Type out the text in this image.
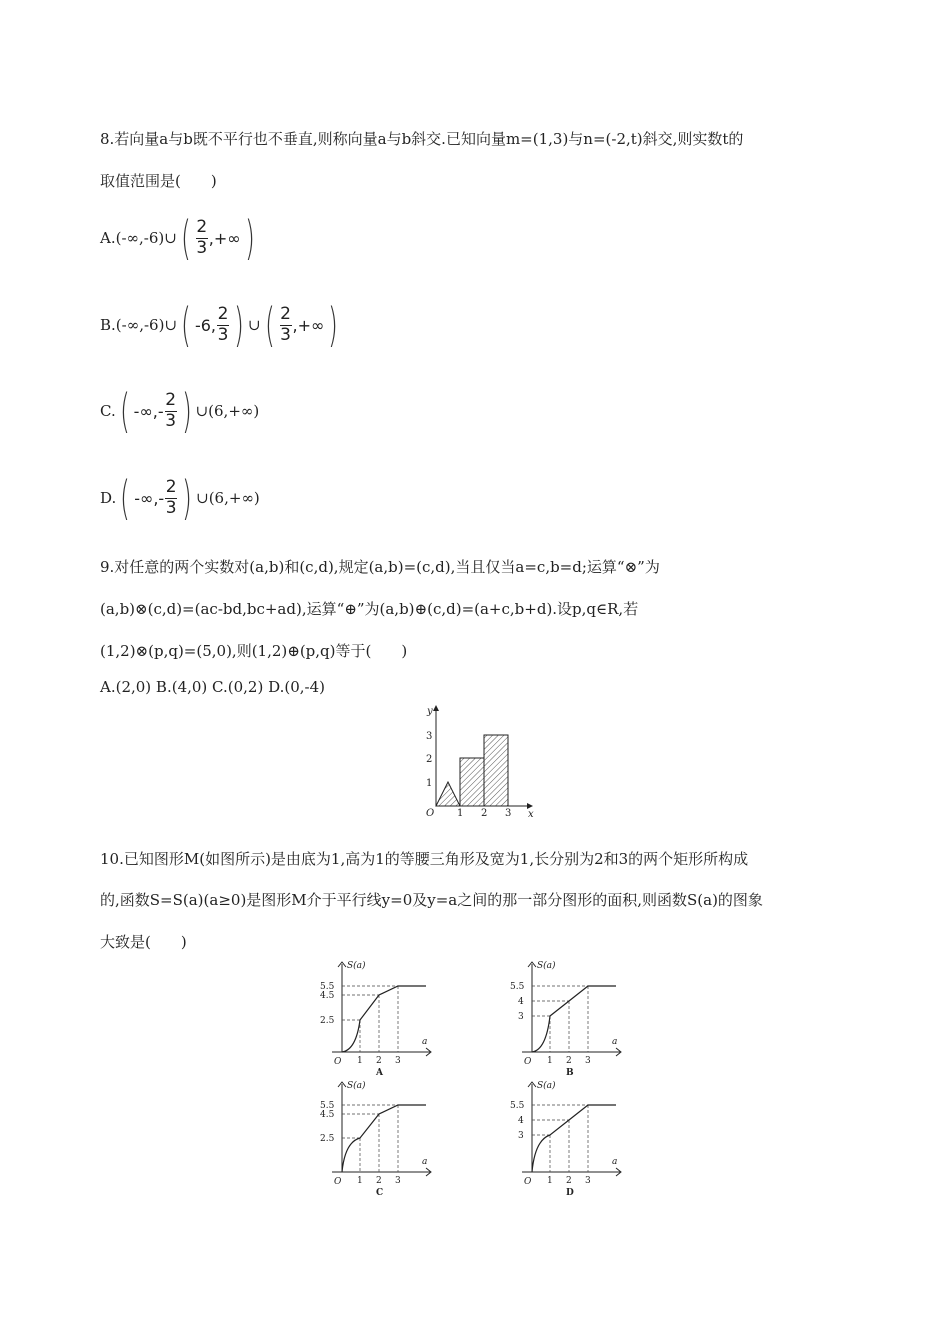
8.若向量a与b既不平行也不垂直,则称向量a与b斜交.已知向量m=(1,3)与n=(-2,t)斜交,则实数t的
取值范围是(　　)
A. (-∞,-6)∪ ( $\frac{2}{3}$ ,+∞ )
B. (-∞,-6)∪ ( -6, $\frac{2}{3}$ ) ∪ ( $\frac{2}{3}$ ,+∞ )
C. ( -∞,- $\frac{2}{3}$ ) ∪(6,+∞)
D. ( -∞,- $\frac{2}{3}$ ) ∪(6,+∞)
9.对任意的两个实数对(a,b)和(c,d),规定(a,b)=(c,d),当且仅当a=c,b=d;运算“⊗”为
(a,b)⊗(c,d)=(ac-bd,bc+ad),运算“⊕”为(a,b)⊕(c,d)=(a+c,b+d).设p,q∈R,若
(1,2)⊗(p,q)=(5,0),则(1,2)⊕(p,q)等于(　　)
A.(2,0) B.(4,0) C.(0,2) D.(0,-4)
y
x
O 1 2 3
1
2
3
10.已知图形M(如图所示)是由底为1,高为1的等腰三角形及宽为1,长分别为2和3的两个矩形所构成
的,函数S=S(a)(a≥0)是图形M介于平行线y=0及y=a之间的那一部分图形的面积,则函数S(a)的图象
大致是(　　)
S(a)
a
O 1 2 3
5.5
4.5
2.5
A
S(a)
a
O 1 2 3
5.5
4
3
B
S(a)
a
O 1 2 3
5.5
4.5
2.5
C
S(a)
a
O 1 2 3
5.5
4
3
D
